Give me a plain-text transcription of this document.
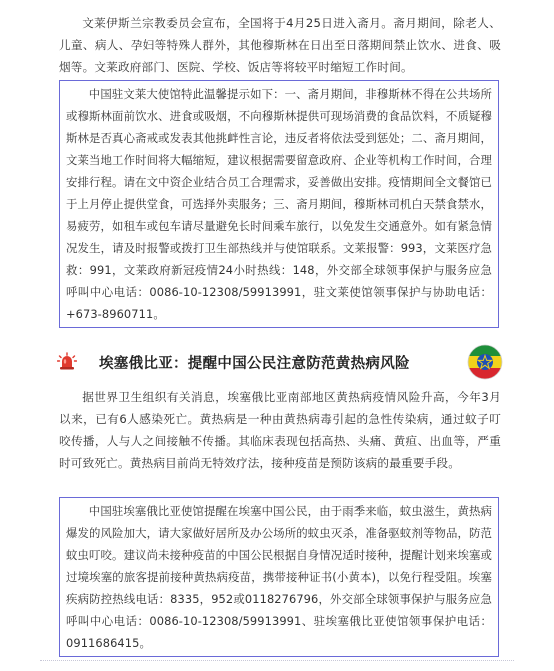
文莱伊斯兰宗教委员会宣布，全国将于4月25日进入斋月。斋月期间，除老人、儿童、病人、孕妇等特殊人群外，其他穆斯林在日出至日落期间禁止饮水、进食、吸烟等。文莱政府部门、医院、学校、饭店等将较平时缩短工作时间。

中国驻文莱大使馆特此温馨提示如下：一、斋月期间，非穆斯林不得在公共场所或穆斯林面前饮水、进食或吸烟，不向穆斯林提供可现场消费的食品饮料，不质疑穆斯林是否真心斋戒或发表其他挑衅性言论，违反者将依法受到惩处；二、斋月期间，文莱当地工作时间将大幅缩短，建议根据需要留意政府、企业等机构工作时间，合理安排行程。请在文中资企业结合员工合理需求，妥善做出安排。疫情期间全文餐馆已于上月停止提供堂食，可选择外卖服务；三、斋月期间，穆斯林司机白天禁食禁水，易疲劳，如租车或包车请尽量避免长时间乘车旅行，以免发生交通意外。如有紧急情况发生，请及时报警或拨打卫生部热线并与使馆联系。文莱报警：993，文莱医疗急救：991，文莱政府新冠疫情24小时热线：148，外交部全球领事保护与服务应急呼叫中心电话：0086-10-12308/59913991，驻文莱使馆领事保护与协助电话：+673-8960711。

埃塞俄比亚：提醒中国公民注意防范黄热病风险

据世界卫生组织有关消息，埃塞俄比亚南部地区黄热病疫情风险升高，今年3月以来，已有6人感染死亡。黄热病是一种由黄热病毒引起的急性传染病，通过蚊子叮咬传播，人与人之间接触不传播。其临床表现包括高热、头痛、黄疸、出血等，严重时可致死亡。黄热病目前尚无特效疗法，接种疫苗是预防该病的最重要手段。

中国驻埃塞俄比亚使馆提醒在埃塞中国公民，由于雨季来临，蚊虫滋生，黄热病爆发的风险加大，请大家做好居所及办公场所的蚊虫灭杀，准备驱蚊剂等物品，防范蚊虫叮咬。建议尚未接种疫苗的中国公民根据自身情况适时接种，提醒计划来埃塞或过境埃塞的旅客提前接种黄热病疫苗，携带接种证书(小黄本)，以免行程受阻。埃塞疾病防控热线电话：8335，952或0118276796，外交部全球领事保护与服务应急呼叫中心电话：0086-10-12308/59913991、驻埃塞俄比亚使馆领事保护电话：0911686415。
